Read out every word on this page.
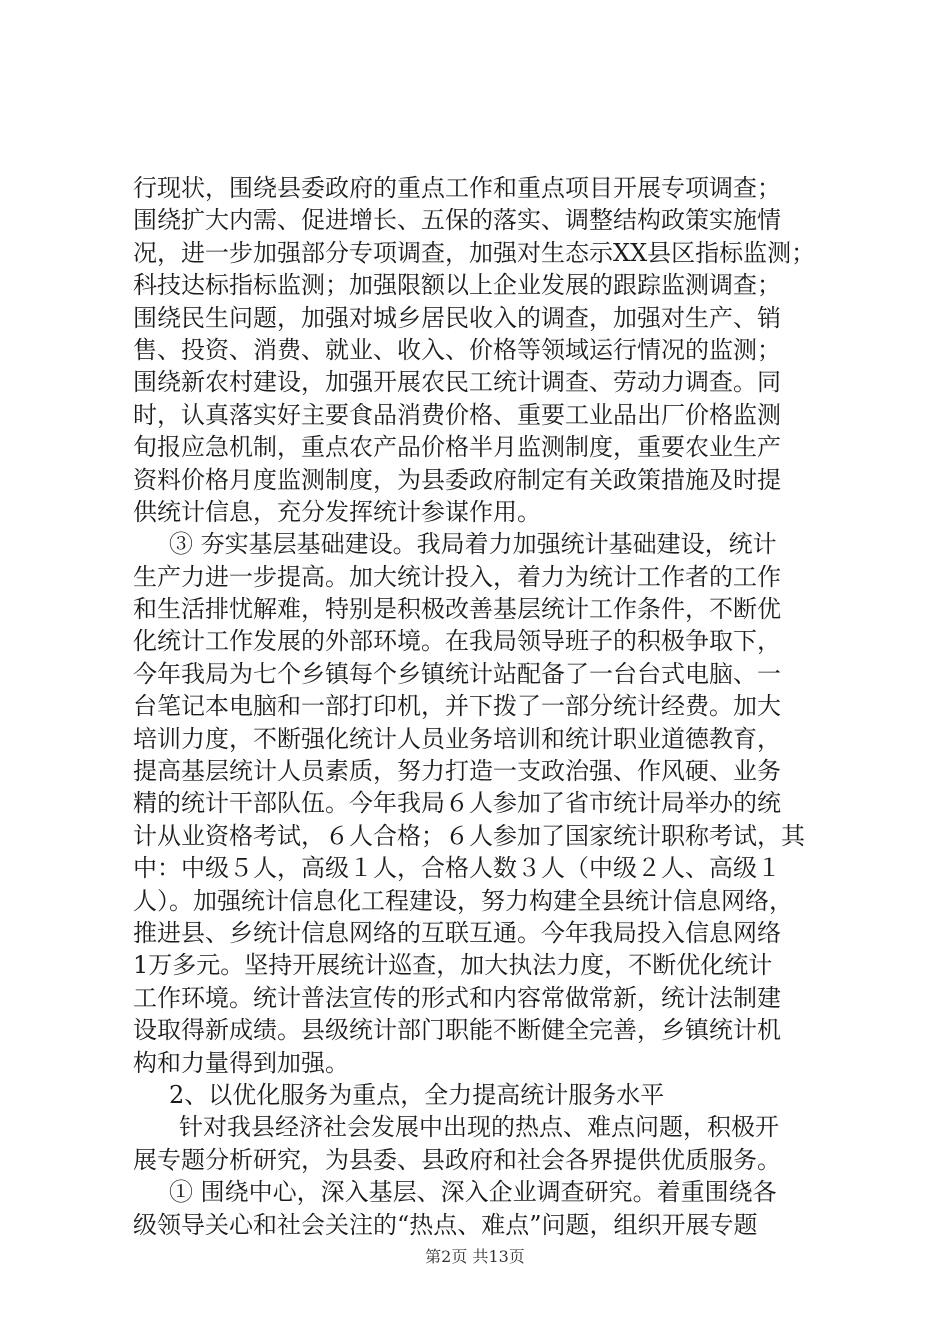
行现状，围绕县委政府的重点工作和重点项目开展专项调查；
围绕扩大内需、促进增长、五保的落实、调整结构政策实施情
况，进一步加强部分专项调查，加强对生态示XX县区指标监测；
科技达标指标监测；加强限额以上企业发展的跟踪监测调查；
围绕民生问题，加强对城乡居民收入的调查，加强对生产、销
售、投资、消费、就业、收入、价格等领域运行情况的监测；
围绕新农村建设，加强开展农民工统计调查、劳动力调查。同
时，认真落实好主要食品消费价格、重要工业品出厂价格监测
旬报应急机制，重点农产品价格半月监测制度，重要农业生产
资料价格月度监测制度，为县委政府制定有关政策措施及时提
供统计信息，充分发挥统计参谋作用。
③ 夯实基层基础建设。我局着力加强统计基础建设，统计
生产力进一步提高。加大统计投入，着力为统计工作者的工作
和生活排忧解难，特别是积极改善基层统计工作条件，不断优
化统计工作发展的外部环境。在我局领导班子的积极争取下，
今年我局为七个乡镇每个乡镇统计站配备了一台台式电脑、一
台笔记本电脑和一部打印机，并下拨了一部分统计经费。加大
培训力度，不断强化统计人员业务培训和统计职业道德教育，
提高基层统计人员素质，努力打造一支政治强、作风硬、业务
精的统计干部队伍。今年我局６人参加了省市统计局举办的统
计从业资格考试，６人合格；６人参加了国家统计职称考试，其
中：中级５人，高级１人，合格人数３人（中级２人、高级１
人）。加强统计信息化工程建设，努力构建全县统计信息网络，
推进县、乡统计信息网络的互联互通。今年我局投入信息网络
1万多元。坚持开展统计巡查，加大执法力度，不断优化统计
工作环境。统计普法宣传的形式和内容常做常新，统计法制建
设取得新成绩。县级统计部门职能不断健全完善，乡镇统计机
构和力量得到加强。
2、以优化服务为重点，全力提高统计服务水平
针对我县经济社会发展中出现的热点、难点问题，积极开
展专题分析研究，为县委、县政府和社会各界提供优质服务。
① 围绕中心，深入基层、深入企业调查研究。着重围绕各
级领导关心和社会关注的“热点、难点”问题，组织开展专题
第2页 共13页
